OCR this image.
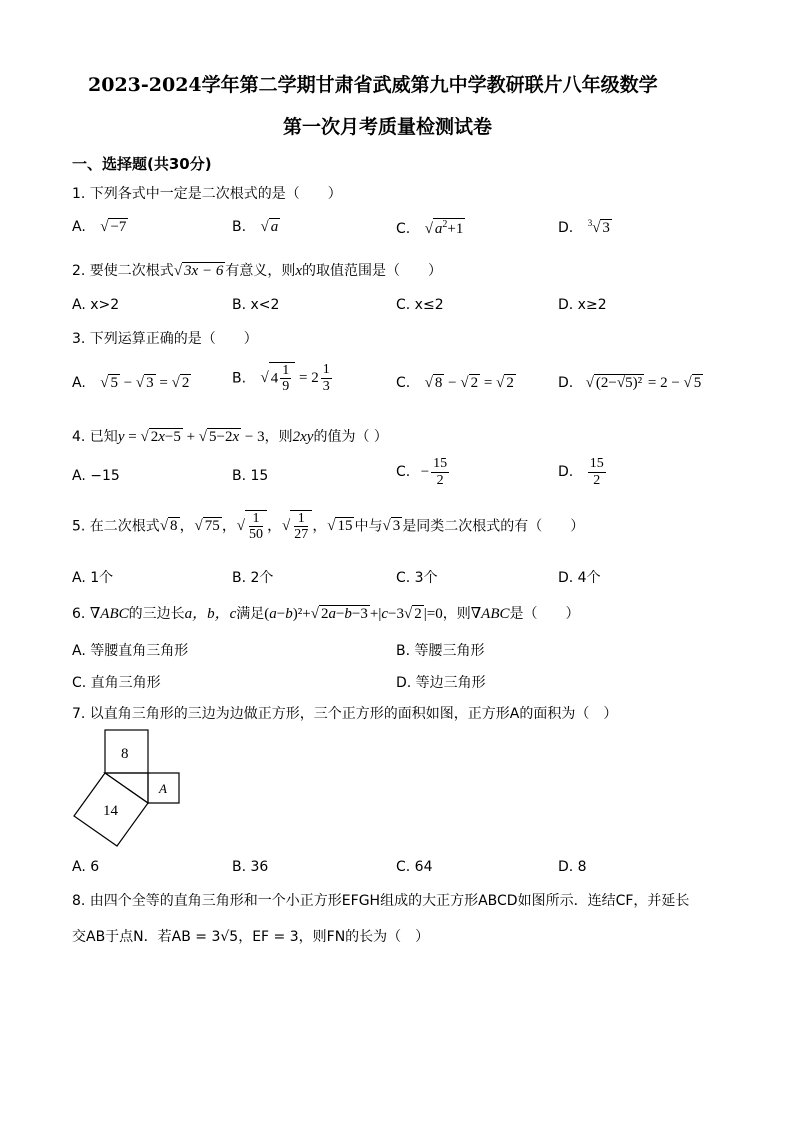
2023-2024学年第二学期甘肃省武威第九中学教研联片八年级数学
第一次月考质量检测试卷
一、选择题(共30分)
1. 下列各式中一定是二次根式的是（　　）
A. √ −7	B. √ a	C. √ $a^2+1$	D. $^3$√ 3
2. 要使二次根式√ 3x − 6 有意义，则x的取值范围是（　　）
A. x>2	B. x<2	C. x≤2	D. x≥2
3. 下列运算正确的是（　　）
A. √ 5 − √ 3 = √ 2	B. √ $4 \frac{1}{9} = 2 \frac{1}{3}$	C. √ 8 − √ 2 = √ 2	D. √ (2−√5)² = 2 − √ 5
4. 已知y = √ 2x−5 + √ 5−2x − 3，则2xy的值为（ ）
A. −15	B. 15	C. − $\frac{15}{2}$	D. $\frac{15}{2}$
5. 在二次根式√ 8 ，√ 75 ，√ $\frac{1}{50}$ ，√ $\frac{1}{27}$ ，√ 15 中与√ 3 是同类二次根式的有（　　）
A. 1个	B. 2个	C. 3个	D. 4个
6. ∇ABC的三边长a，b，c满足(a−b)²+√ 2a−b−3 +|c−3√ 2 |=0，则∇ABC是（　　）
A. 等腰直角三角形	B. 等腰三角形
C. 直角三角形	D. 等边三角形
7. 以直角三角形的三边为边做正方形，三个正方形的面积如图，正方形A的面积为（　）
8
14
A
A. 6	B. 36	C. 64	D. 8
8. 由四个全等的直角三角形和一个小正方形EFGH组成的大正方形ABCD如图所示．连结CF，并延长
交AB于点N．若AB = 3√5，EF = 3，则FN的长为（　）
